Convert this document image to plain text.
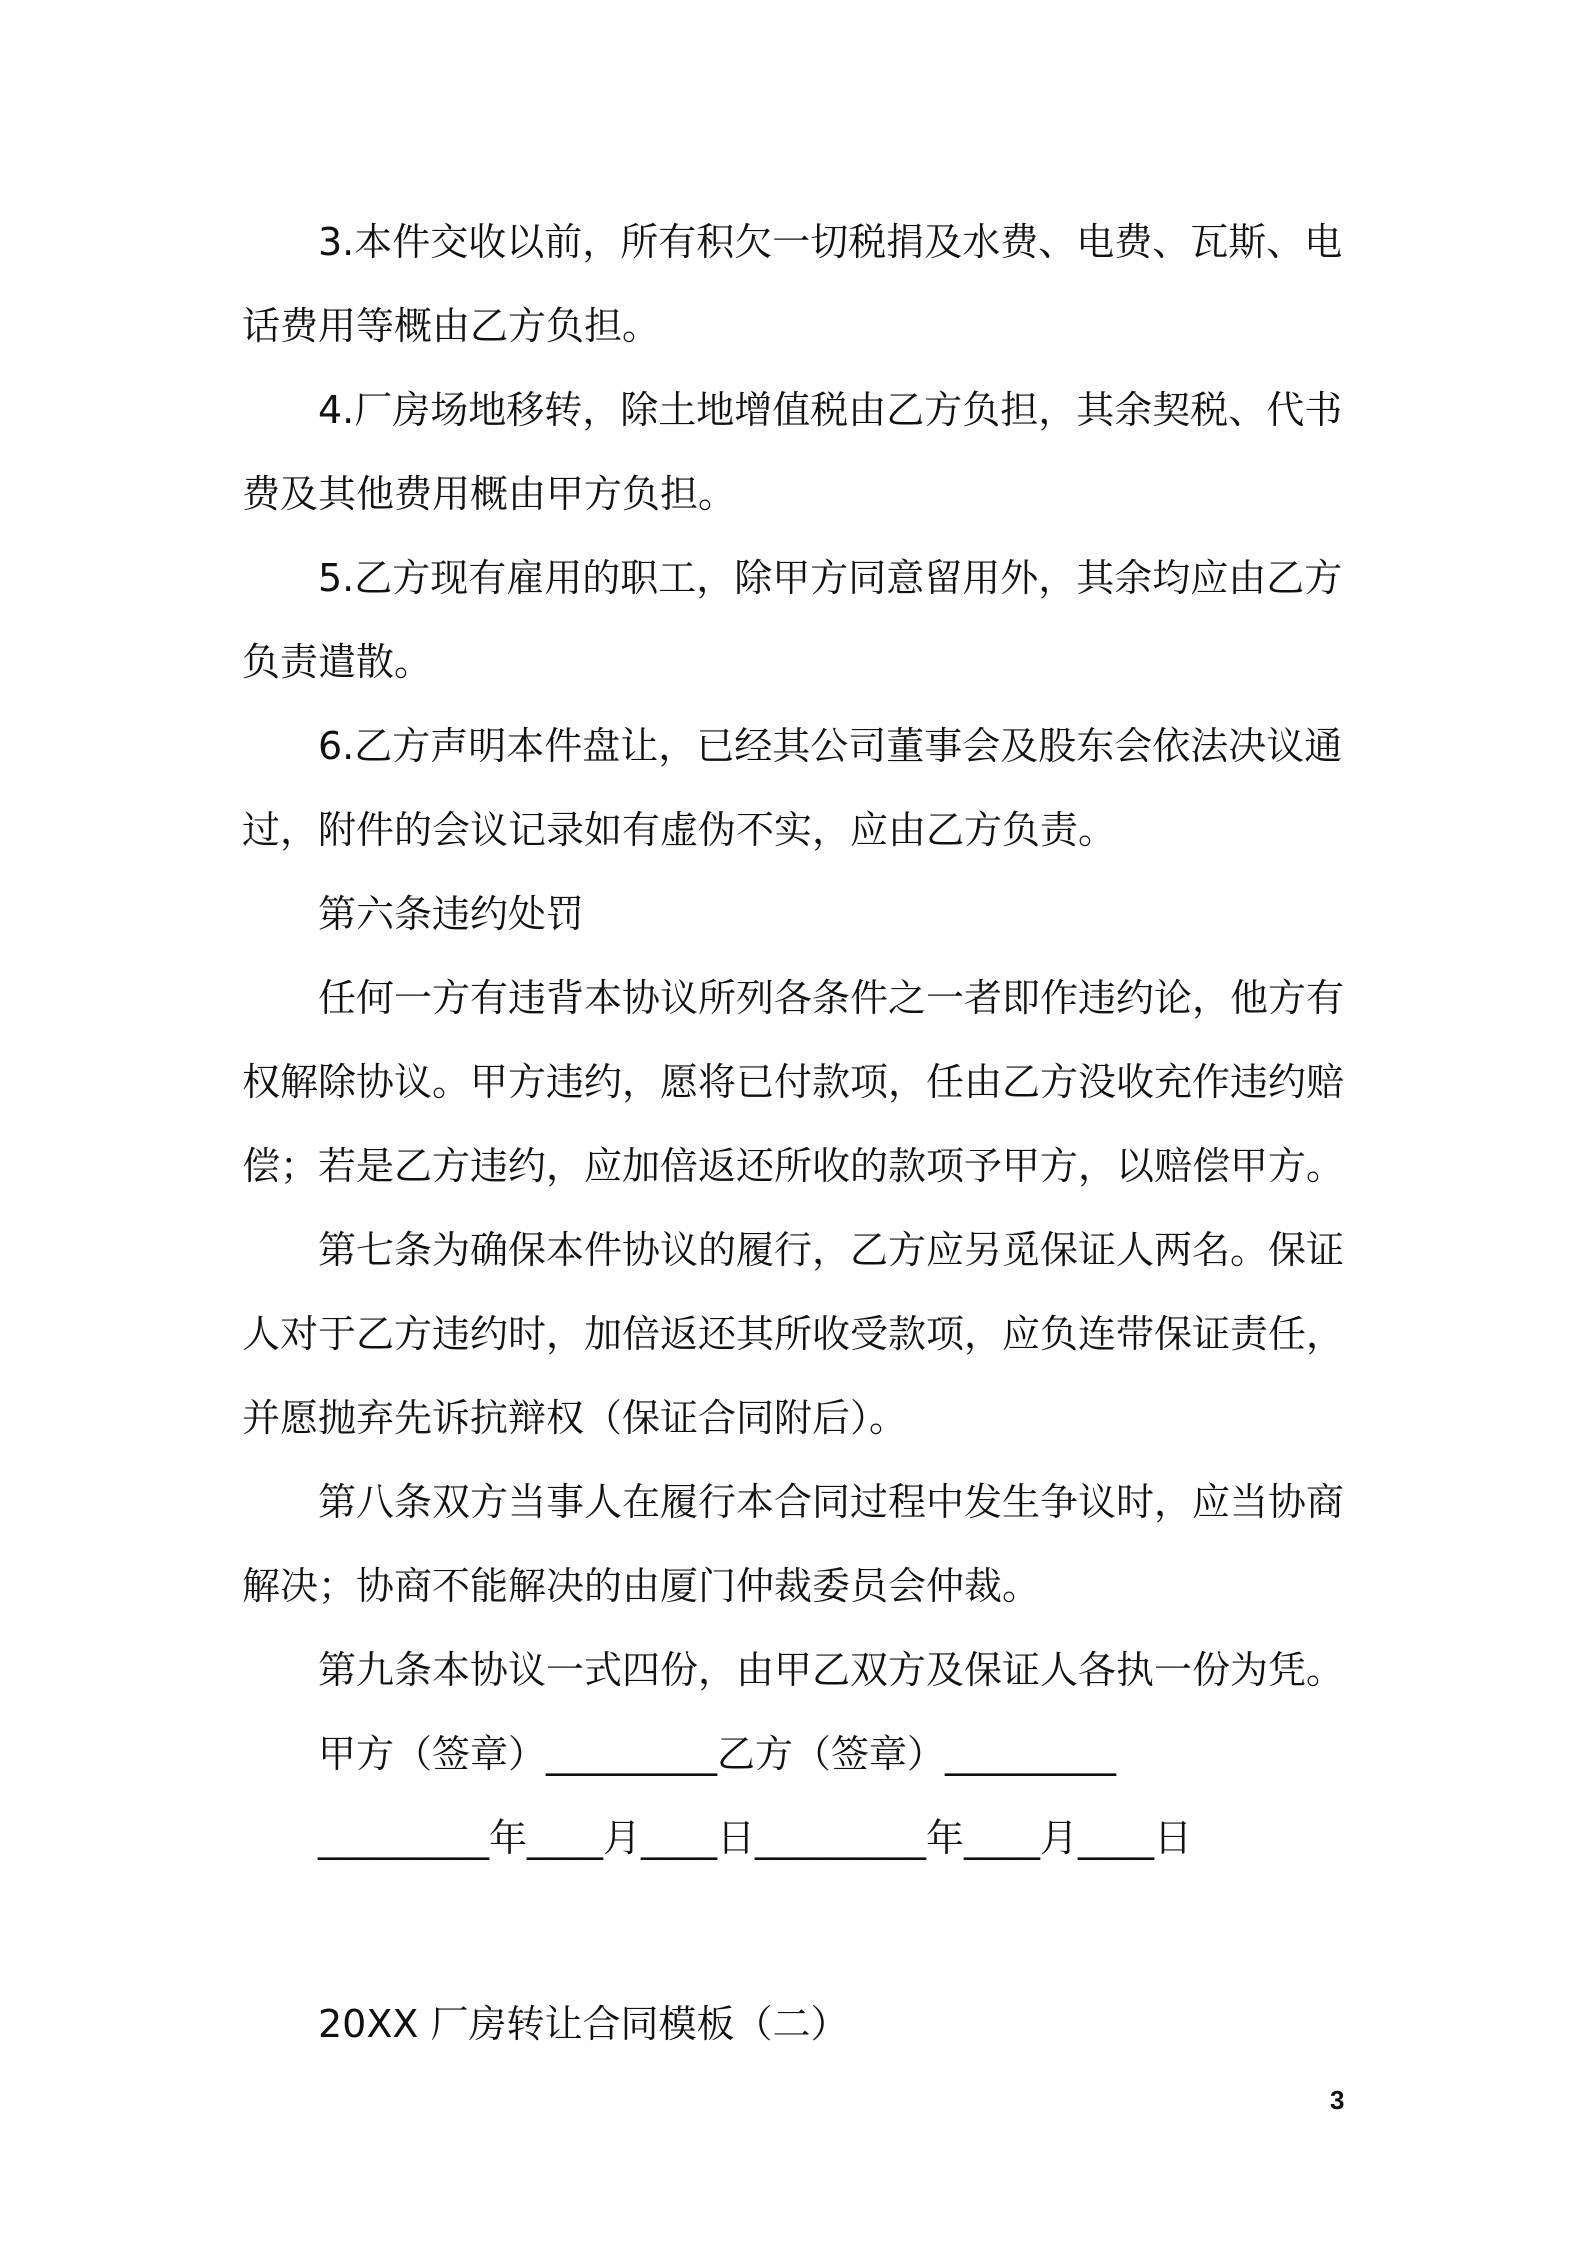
3.本件交收以前，所有积欠一切税捐及水费、电费、瓦斯、电话费用等概由乙方负担。

4.厂房场地移转，除土地增值税由乙方负担，其余契税、代书费及其他费用概由甲方负担。

5.乙方现有雇用的职工，除甲方同意留用外，其余均应由乙方负责遣散。

6.乙方声明本件盘让，已经其公司董事会及股东会依法决议通过，附件的会议记录如有虚伪不实，应由乙方负责。

第六条违约处罚

任何一方有违背本协议所列各条件之一者即作违约论，他方有权解除协议。甲方违约，愿将已付款项，任由乙方没收充作违约赔偿；若是乙方违约，应加倍返还所收的款项予甲方，以赔偿甲方。

第七条为确保本件协议的履行，乙方应另觅保证人两名。保证人对于乙方违约时，加倍返还其所收受款项，应负连带保证责任，并愿抛弃先诉抗辩权（保证合同附后）。

第八条双方当事人在履行本合同过程中发生争议时，应当协商解决；协商不能解决的由厦门仲裁委员会仲裁。

第九条本协议一式四份，由甲乙双方及保证人各执一份为凭。

甲方（签章）_________乙方（签章）_________

_________年____月____日_________年____月____日

20XX 厂房转让合同模板（二）

3
